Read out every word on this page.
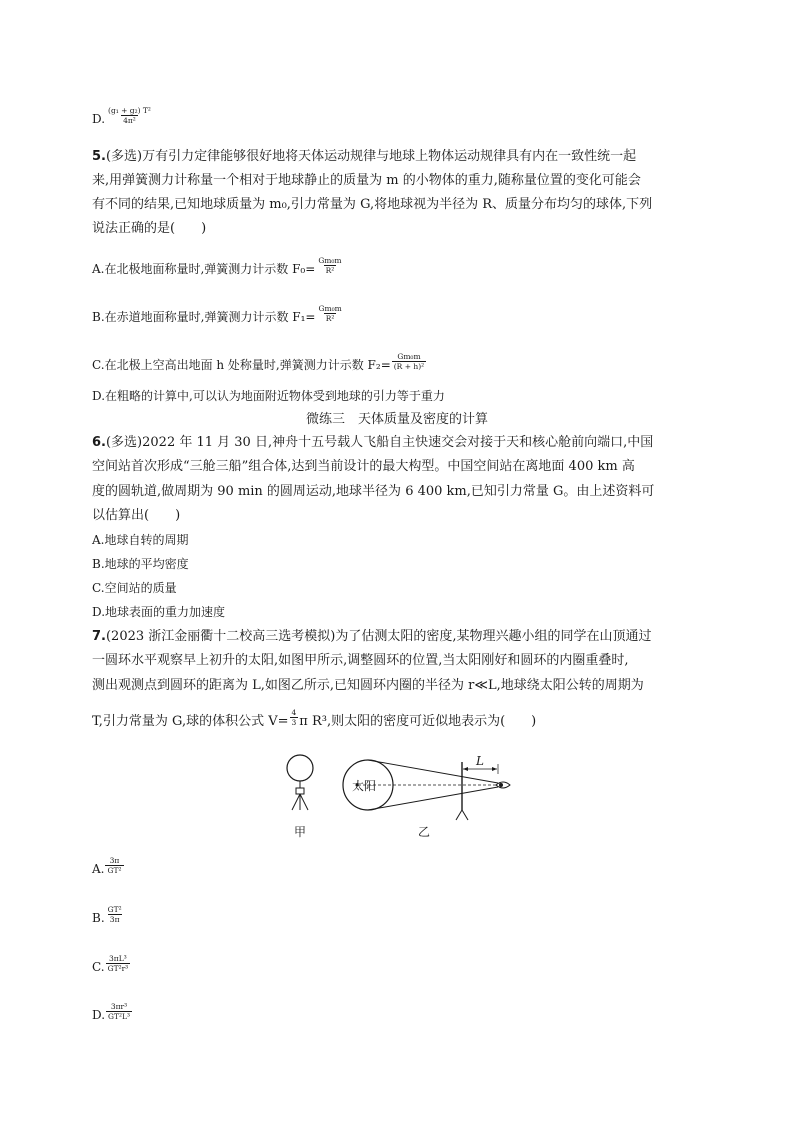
D. $\frac{\text{(g₁ + g₂) T²}}{\text{4π²}}$
5.(多选)万有引力定律能够很好地将天体运动规律与地球上物体运动规律具有内在一致性统一起
来,用弹簧测力计称量一个相对于地球静止的质量为 m 的小物体的重力,随称量位置的变化可能会
有不同的结果,已知地球质量为 m₀,引力常量为 G,将地球视为半径为 R、质量分布均匀的球体,下列
说法正确的是(　　)
A.在北极地面称量时,弹簧测力计示数 $F_0= \frac{\text{Gm₀m}}{\text{R²}}$
B.在赤道地面称量时,弹簧测力计示数 $F_1= \frac{\text{Gm₀m}}{\text{R²}}$
C.在北极上空高出地面 h 处称量时,弹簧测力计示数 $F_2= \frac{\text{Gm₀m}}{\text{(R + h)²}}$
D.在粗略的计算中,可以认为地面附近物体受到地球的引力等于重力
微练三　天体质量及密度的计算
6.(多选)2022 年 11 月 30 日,神舟十五号载人飞船自主快速交会对接于天和核心舱前向端口,中国
空间站首次形成“三舱三船”组合体,达到当前设计的最大构型。中国空间站在离地面 400 km 高
度的圆轨道,做周期为 90 min 的圆周运动,地球半径为 6 400 km,已知引力常量 G。由上述资料可
以估算出(　　)
A.地球自转的周期
B.地球的平均密度
C.空间站的质量
D.地球表面的重力加速度
7.(2023 浙江金丽衢十二校高三选考模拟)为了估测太阳的密度,某物理兴趣小组的同学在山顶通过
一圆环水平观察早上初升的太阳,如图甲所示,调整圆环的位置,当太阳刚好和圆环的内圈重叠时,
测出观测点到圆环的距离为 L,如图乙所示,已知圆环内圈的半径为 r≪L,地球绕太阳公转的周期为
T,引力常量为 G,球的体积公式 $V= \frac{4}{3}$ π R³,则太阳的密度可近似地表示为(　　)
太阳
L
甲	乙
A. $\frac{3\pi}{\text{GT²}}$
B. $\frac{\text{GT²}}{3\pi}$
C. $\frac{\text{3πL³}}{\text{GT²r³}}$
D. $\frac{\text{3πr³}}{\text{GT²L³}}$
